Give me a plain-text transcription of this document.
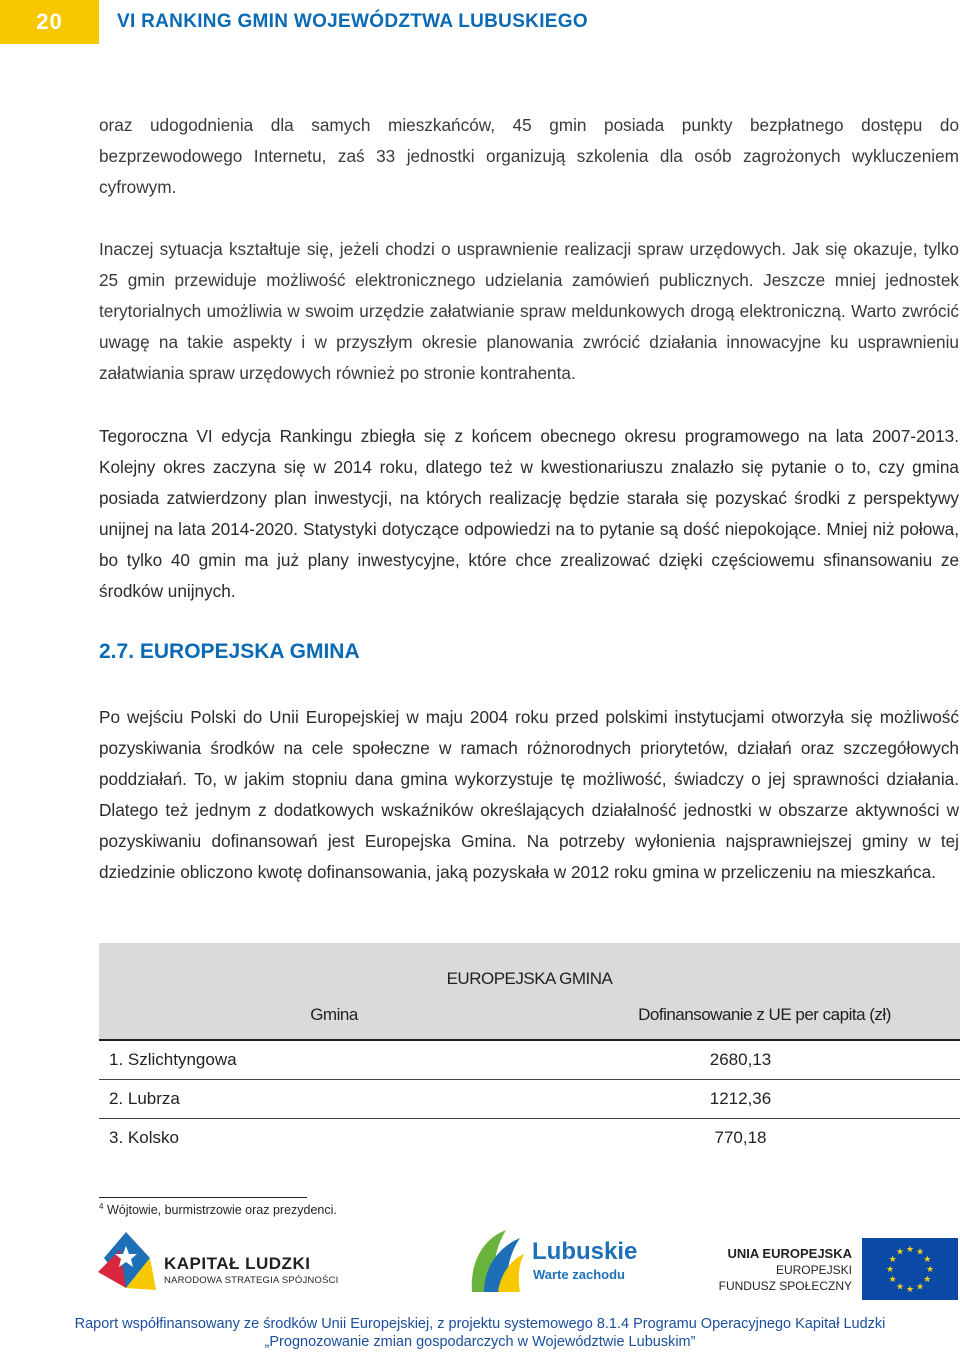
20	VI RANKING GMIN WOJEWÓDZTWA LUBUSKIEGO

oraz udogodnienia dla samych mieszkańców, 45 gmin posiada punkty bezpłatnego dostępu do bezprzewodowego Internetu, zaś 33 jednostki organizują szkolenia dla osób zagrożonych wykluczeniem cyfrowym.

Inaczej sytuacja kształtuje się, jeżeli chodzi o usprawnienie realizacji spraw urzędowych. Jak się okazuje, tylko 25 gmin przewiduje możliwość elektronicznego udzielania zamówień publicznych. Jeszcze mniej jednostek terytorialnych umożliwia w swoim urzędzie załatwianie spraw meldunkowych drogą elektroniczną. Warto zwrócić uwagę na takie aspekty i w przyszłym okresie planowania zwrócić działania innowacyjne ku usprawnieniu załatwiania spraw urzędowych również po stronie kontrahenta.

Tegoroczna VI edycja Rankingu zbiegła się z końcem obecnego okresu programowego na lata 2007-2013. Kolejny okres zaczyna się w 2014 roku, dlatego też w kwestionariuszu znalazło się pytanie o to, czy gmina posiada zatwierdzony plan inwestycji, na których realizację będzie starała się pozyskać środki z perspektywy unijnej na lata 2014-2020. Statystyki dotyczące odpowiedzi na to pytanie są dość niepokojące. Mniej niż połowa, bo tylko 40 gmin ma już plany inwestycyjne, które chce zrealizować dzięki częściowemu sfinansowaniu ze środków unijnych.

2.7. EUROPEJSKA GMINA

Po wejściu Polski do Unii Europejskiej w maju 2004 roku przed polskimi instytucjami otworzyła się możliwość pozyskiwania środków na cele społeczne w ramach różnorodnych priorytetów, działań oraz szczegółowych poddziałań. To, w jakim stopniu dana gmina wykorzystuje tę możliwość, świadczy o jej sprawności działania. Dlatego też jednym z dodatkowych wskaźników określających działalność jednostki w obszarze aktywności w pozyskiwaniu dofinansowań jest Europejska Gmina. Na potrzeby wyłonienia najsprawniejszej gminy w tej dziedzinie obliczono kwotę dofinansowania, jaką pozyskała w 2012 roku gmina w przeliczeniu na mieszkańca.

EUROPEJSKA GMINA	
Gmina	Dofinansowanie z UE per capita (zł)
1. Szlichtyngowa	2680,13
2. Lubrza	1212,36
3. Kolsko	770,18
$^4$ Wójtowie, burmistrzowie oraz prezydenci.
KAPITAŁ LUDZKI
NARODOWA STRATEGIA SPÓJNOŚCI
Lubuskie
Warte zachodu
UNIA EUROPEJSKA
EUROPEJSKI
FUNDUSZ SPOŁECZNY
★ ★
★
★
★
★
★
★
★
★
★
★
Raport współfinansowany ze środków Unii Europejskiej, z projektu systemowego 8.1.4 Programu Operacyjnego Kapitał Ludzki
„Prognozowanie zmian gospodarczych w Województwie Lubuskim”
